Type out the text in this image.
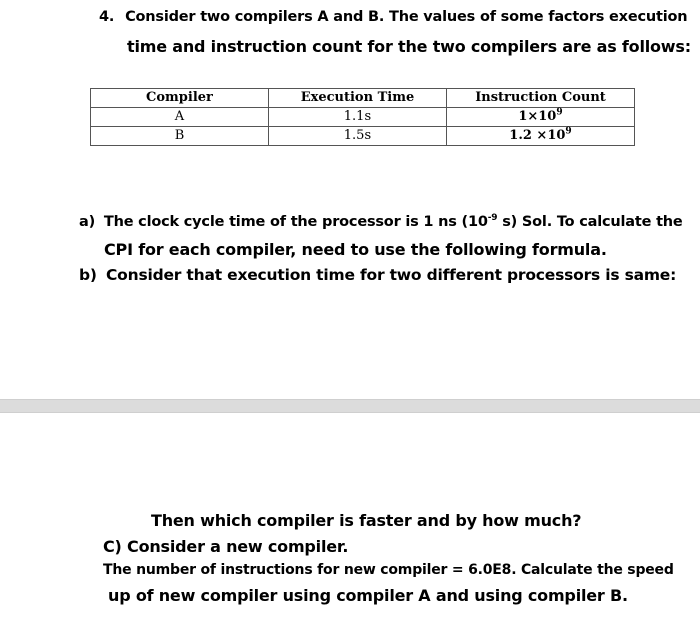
4. Consider two compilers A and B. The values of some factors execution
time and instruction count for the two compilers are as follows:
Compiler	Execution Time	Instruction Count
A	1.1s	$1\times 10^9$
B	1.5s	$1.2 \times 10^9$
a) The clock cycle time of the processor is 1 ns ($10^{-9}$ s) Sol. To calculate the
CPI for each compiler, need to use the following formula.
b) Consider that execution time for two different processors is same:
Then which compiler is faster and by how much?
C) Consider a new compiler.
The number of instructions for new compiler = 6.0E8. Calculate the speed
up of new compiler using compiler A and using compiler B.
